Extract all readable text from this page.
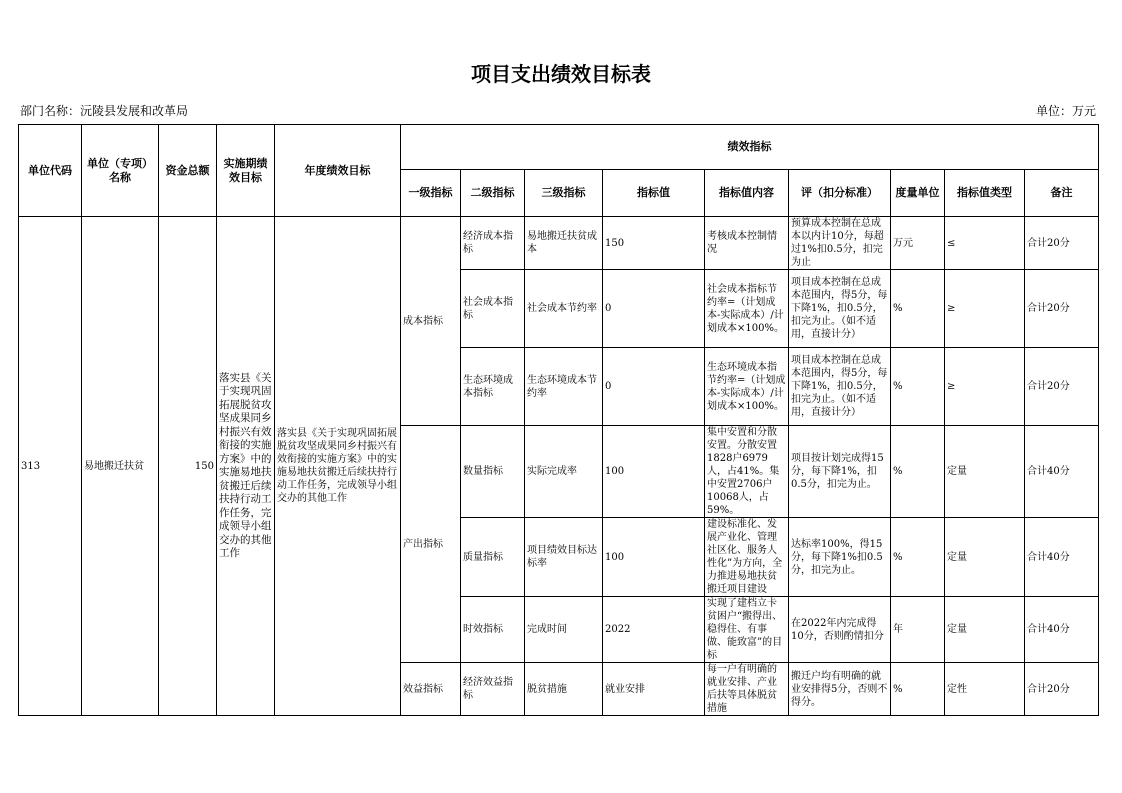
项目支出绩效目标表
部门名称：沅陵县发展和改革局	单位：万元
单位代码	单位（专项）名称	资金总额	实施期绩效目标	年度绩效目标	绩效指标								
					一级指标	二级指标	三级指标	指标值	指标值内容	评（扣分标准）	度量单位	指标值类型	备注
313	易地搬迁扶贫	150	落实县《关于实现巩固拓展脱贫攻坚成果同乡村振兴有效衔接的实施方案》中的实施易地扶贫搬迁后续扶持行动工作任务，完成领导小组交办的其他工作	落实县《关于实现巩固拓展脱贫攻坚成果同乡村振兴有效衔接的实施方案》中的实施易地扶贫搬迁后续扶持行动工作任务，完成领导小组交办的其他工作	成本指标	经济成本指标	易地搬迁扶贫成本	150	考核成本控制情况	预算成本控制在总成本以内计10分，每超过1%扣0.5分，扣完为止	万元	≤	合计20分
						社会成本指标	社会成本节约率	0	社会成本指标节约率=（计划成本-实际成本）/计划成本×100%。	项目成本控制在总成本范围内，得5分，每下降1%，扣0.5分，扣完为止。（如不适用，直接计分）	%	≥	合计20分
						生态环境成本指标	生态环境成本节约率	0	生态环境成本指节约率=（计划成本-实际成本）/计划成本×100%。	项目成本控制在总成本范围内，得5分，每下降1%，扣0.5分，扣完为止。（如不适用，直接计分）	%	≥	合计20分
					产出指标	数量指标	实际完成率	100	集中安置和分散安置。分散安置1828户6979人，占41%。集中安置2706户10068人，占59%。	项目按计划完成得15分，每下降1%，扣0.5分，扣完为止。	%	定量	合计40分
						质量指标	项目绩效目标达标率	100	建设标准化、发展产业化、管理社区化、服务人性化”为方向，全力推进易地扶贫搬迁项目建设	达标率100%，得15分，每下降1%扣0.5分，扣完为止。	%	定量	合计40分
						时效指标	完成时间	2022	实现了建档立卡贫困户“搬得出、稳得住、有事做、能致富”的目标	在2022年内完成得10分，否则酌情扣分	年	定量	合计40分
					效益指标	经济效益指标	脱贫措施	就业安排	每一户有明确的就业安排、产业后扶等具体脱贫措施	搬迁户均有明确的就业安排得5分，否则不得分。	%	定性	合计20分
